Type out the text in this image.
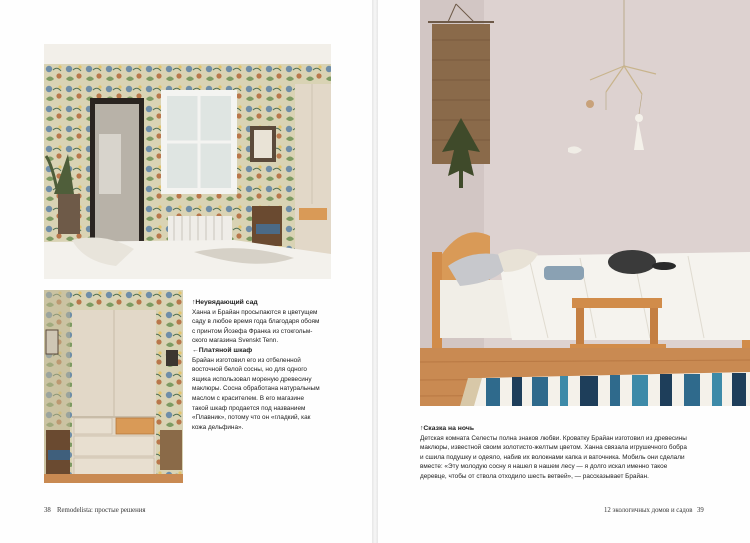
↑Неувядающий сад
Ханна и Брайан просыпаются в цветущем
саду в любое время года благодаря обоям
с принтом Йозефа Франка из стокгольм-
ского магазина Svenskt Tenn.
←Платяной шкаф
Брайан изготовил его из отбеленной
восточной белой сосны, но для одного
ящика использовал мореную древесину
маклюры. Сосна обработана натуральным
маслом с красителем. В его магазине
такой шкаф продается под названием
«Плавник», потому что он «гладкий, как
кожа дельфина».
38 Remodelista: простые решения
↑Сказка на ночь
Детская комната Селесты полна знаков любви. Кроватку Брайан изготовил из древесины
маклюры, известной своим золотисто-желтым цветом. Ханна связала игрушечного бобра
и сшила подушку и одеяло, набив их волокнами капка и ваточника. Мобиль они сделали
вместе: «Эту молодую сосну я нашел в нашем лесу — я долго искал именно такое
деревце, чтобы от ствола отходило шесть ветвей», — рассказывает Брайан.
12 экологичных домов и садов 39
